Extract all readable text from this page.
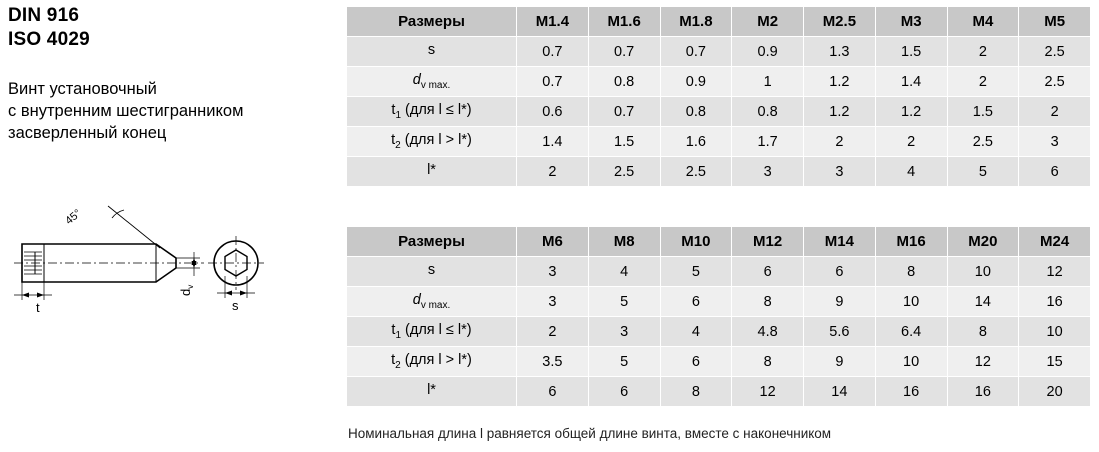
DIN 916
ISO 4029
Винт установочный
с внутренним шестигранником
засверленный конец
45°
t
$d_v$
s
Размеры	M1.4	M1.6	M1.8	M2	M2.5	M3	M4	M5
s	0.7	0.7	0.7	0.9	1.3	1.5	2	2.5
$d_{v max.}$	0.7	0.8	0.9	1	1.2	1.4	2	2.5
$t_1$ (для l ≤ l*)	0.6	0.7	0.8	0.8	1.2	1.2	1.5	2
$t_2$ (для l > l*)	1.4	1.5	1.6	1.7	2	2	2.5	3
l*	2	2.5	2.5	3	3	4	5	6
Размеры	M6	M8	M10	M12	M14	M16	M20	M24
s	3	4	5	6	6	8	10	12
$d_{v max.}$	3	5	6	8	9	10	14	16
$t_1$ (для l ≤ l*)	2	3	4	4.8	5.6	6.4	8	10
$t_2$ (для l > l*)	3.5	5	6	8	9	10	12	15
l*	6	6	8	12	14	16	16	20
Номинальная длина l равняется общей длине винта, вместе с наконечником
